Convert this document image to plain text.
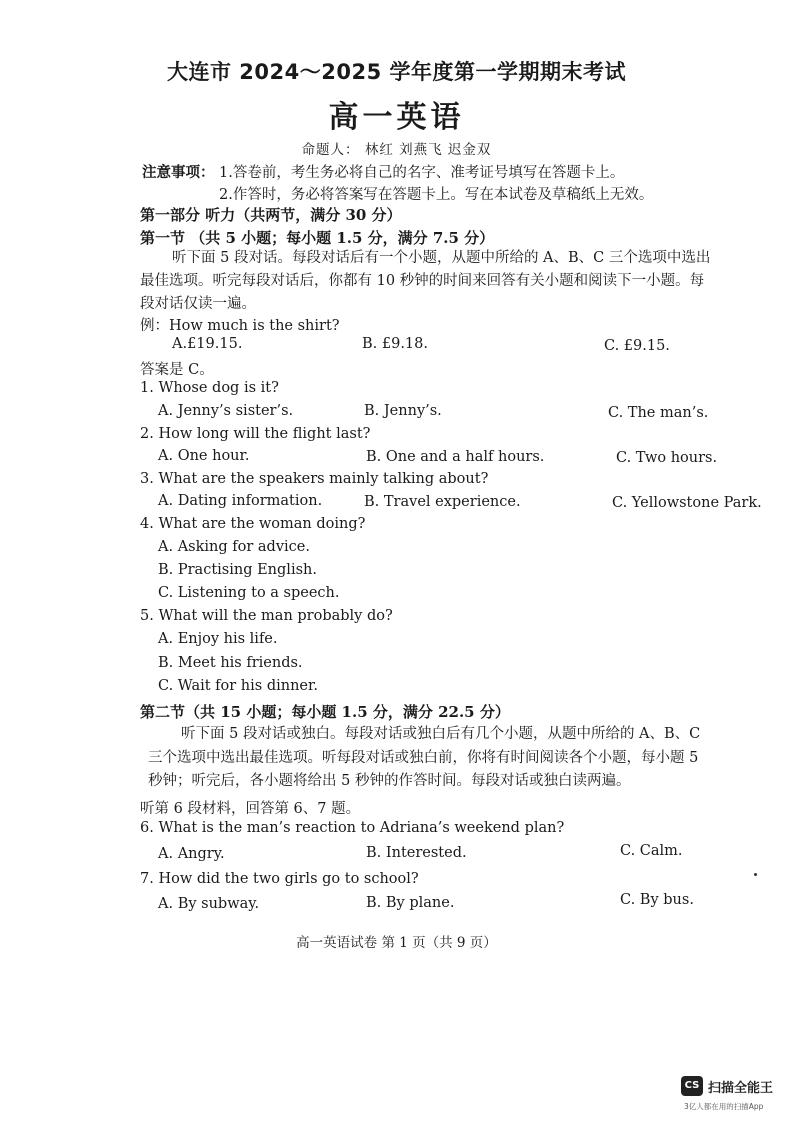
大连市 2024～2025 学年度第一学期期末考试
高一英语
命题人： 林红 刘燕飞 迟金双
注意事项： 1.答卷前，考生务必将自己的名字、准考证号填写在答题卡上。
2.作答时，务必将答案写在答题卡上。写在本试卷及草稿纸上无效。
第一部分 听力（共两节，满分 30 分）
第一节 （共 5 小题；每小题 1.5 分，满分 7.5 分）
听下面 5 段对话。每段对话后有一个小题，从题中所给的 A、B、C 三个选项中选出
最佳选项。听完每段对话后，你都有 10 秒钟的时间来回答有关小题和阅读下一小题。每
段对话仅读一遍。
例：How much is the shirt?
A.£19.15.	B. £9.18.	C. £9.15.
答案是 C。
1. Whose dog is it?
A. Jenny’s sister’s.	B. Jenny’s.	C. The man’s.
2. How long will the flight last?
A. One hour.	B. One and a half hours.	C. Two hours.
3. What are the speakers mainly talking about?
A. Dating information.	B. Travel experience.	C. Yellowstone Park.
4. What are the woman doing?
A. Asking for advice.
B. Practising English.
C. Listening to a speech.
5. What will the man probably do?
A. Enjoy his life.
B. Meet his friends.
C. Wait for his dinner.
第二节（共 15 小题；每小题 1.5 分，满分 22.5 分）
听下面 5 段对话或独白。每段对话或独白后有几个小题，从题中所给的 A、B、C
三个选项中选出最佳选项。听每段对话或独白前，你将有时间阅读各个小题，每小题 5
秒钟；听完后，各小题将给出 5 秒钟的作答时间。每段对话或独白读两遍。
听第 6 段材料，回答第 6、7 题。
6. What is the man’s reaction to Adriana’s weekend plan?
A. Angry.	B. Interested.	C. Calm.
7. How did the two girls go to school?
A. By subway.	B. By plane.	C. By bus.
高一英语试卷 第 1 页（共 9 页）
CS 扫描全能王
3亿人都在用的扫描App
